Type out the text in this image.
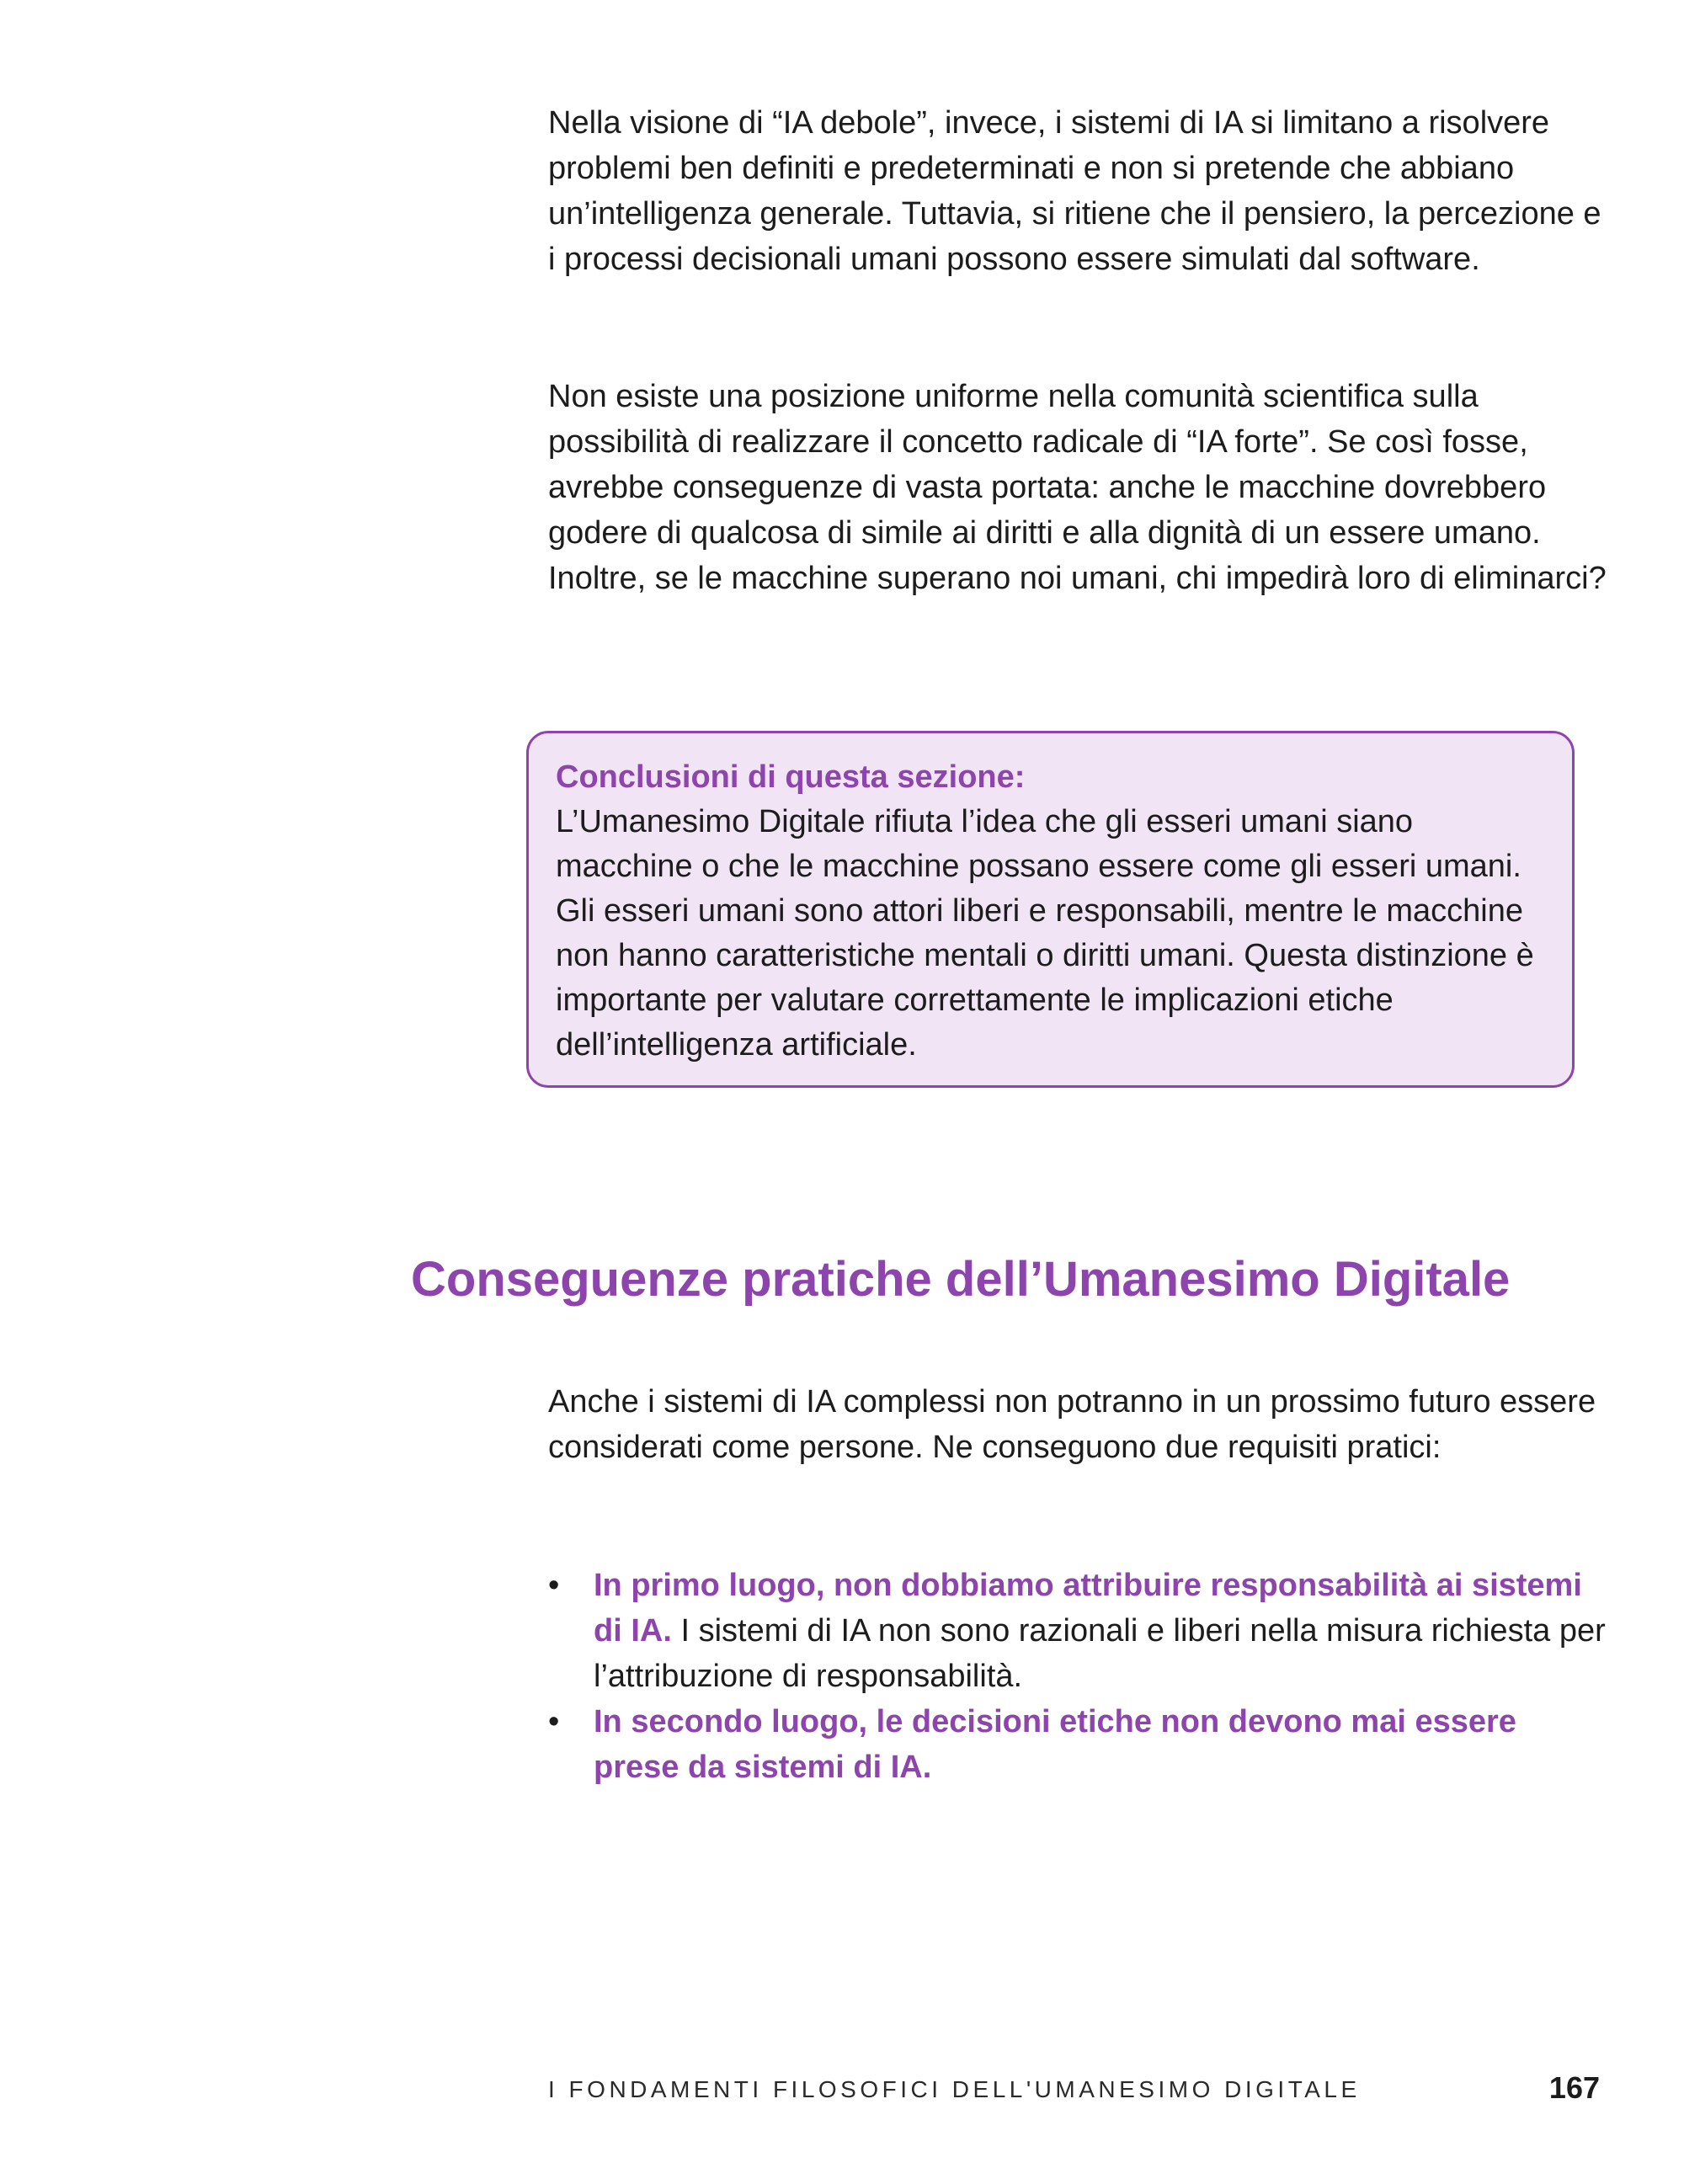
Nella visione di “IA debole”, invece, i sistemi di IA si limitano a risolvere problemi ben definiti e predeterminati e non si pretende che abbiano un’intelligenza generale. Tuttavia, si ritiene che il pensiero, la percezione e i processi decisionali umani possono essere simulati dal software.

Non esiste una posizione uniforme nella comunità scientifica sulla possibilità di realizzare il concetto radicale di “IA forte”. Se così fosse, avrebbe conseguenze di vasta portata: anche le macchine dovrebbero godere di qualcosa di simile ai diritti e alla dignità di un essere umano. Inoltre, se le macchine superano noi umani, chi impedirà loro di eliminarci?

Conclusioni di questa sezione:

L’Umanesimo Digitale rifiuta l’idea che gli esseri umani siano macchine o che le macchine possano essere come gli esseri umani. Gli esseri umani sono attori liberi e responsabili, mentre le macchine non hanno caratteristiche mentali o diritti umani. Questa distinzione è importante per valutare correttamente le implicazioni etiche dell’intelligenza artificiale.

Conseguenze pratiche dell’Umanesimo Digitale

Anche i sistemi di IA complessi non potranno in un prossimo futuro essere considerati come persone. Ne conseguono due requisiti pratici:

• In primo luogo, non dobbiamo attribuire responsabilità ai sistemi di IA. I sistemi di IA non sono razionali e liberi nella misura richiesta per l’attribuzione di responsabilità.
• In secondo luogo, le decisioni etiche non devono mai essere prese da sistemi di IA.
I FONDAMENTI FILOSOFICI DELL'UMANESIMO DIGITALE	167
